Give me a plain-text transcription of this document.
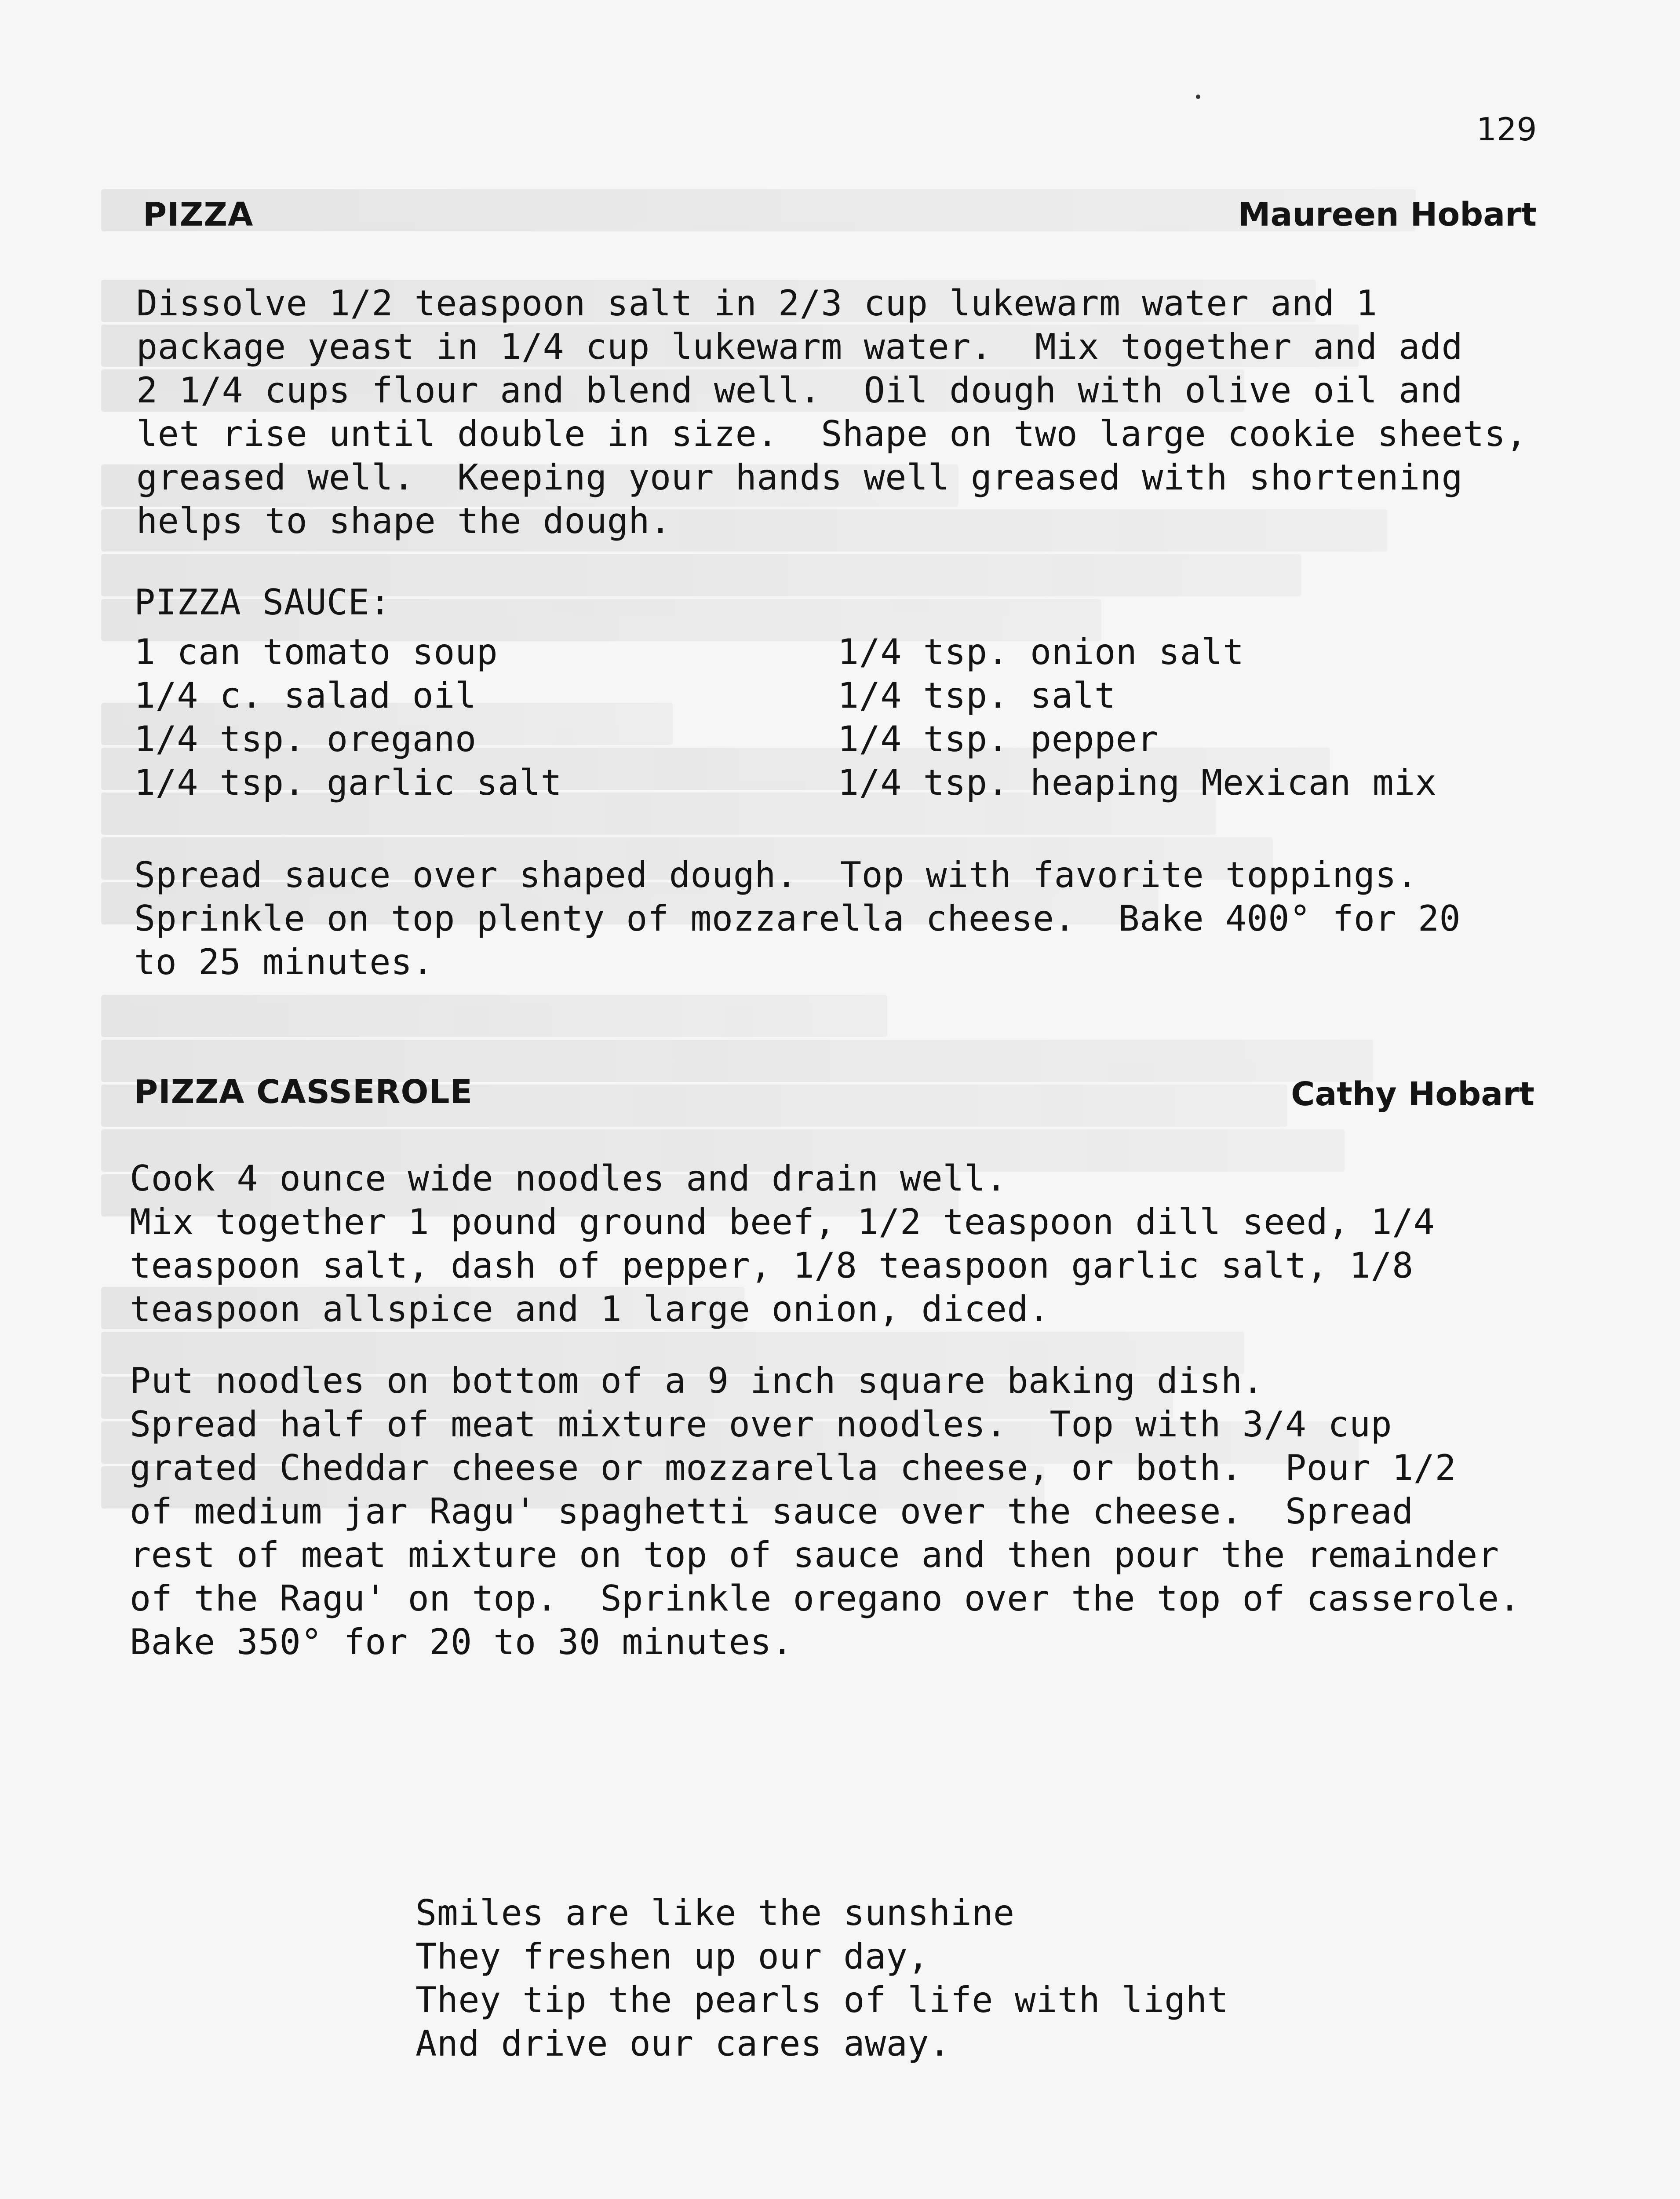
129
PIZZA	Maureen Hobart
Dissolve 1/2 teaspoon salt in 2/3 cup lukewarm water and 1
package yeast in 1/4 cup lukewarm water.  Mix together and add
2 1/4 cups flour and blend well.  Oil dough with olive oil and
let rise until double in size.  Shape on two large cookie sheets,
greased well.  Keeping your hands well greased with shortening
helps to shape the dough.
PIZZA SAUCE:
1 can tomato soup
1/4 c. salad oil
1/4 tsp. oregano
1/4 tsp. garlic salt
1/4 tsp. onion salt
1/4 tsp. salt
1/4 tsp. pepper
1/4 tsp. heaping Mexican mix
Spread sauce over shaped dough.  Top with favorite toppings.
Sprinkle on top plenty of mozzarella cheese.  Bake 400° for 20
to 25 minutes.
PIZZA CASSEROLE	Cathy Hobart
Cook 4 ounce wide noodles and drain well.
Mix together 1 pound ground beef, 1/2 teaspoon dill seed, 1/4
teaspoon salt, dash of pepper, 1/8 teaspoon garlic salt, 1/8
teaspoon allspice and 1 large onion, diced.
Put noodles on bottom of a 9 inch square baking dish.
Spread half of meat mixture over noodles.  Top with 3/4 cup
grated Cheddar cheese or mozzarella cheese, or both.  Pour 1/2
of medium jar Ragu' spaghetti sauce over the cheese.  Spread
rest of meat mixture on top of sauce and then pour the remainder
of the Ragu' on top.  Sprinkle oregano over the top of casserole.
Bake 350° for 20 to 30 minutes.
Smiles are like the sunshine
They freshen up our day,
They tip the pearls of life with light
And drive our cares away.
